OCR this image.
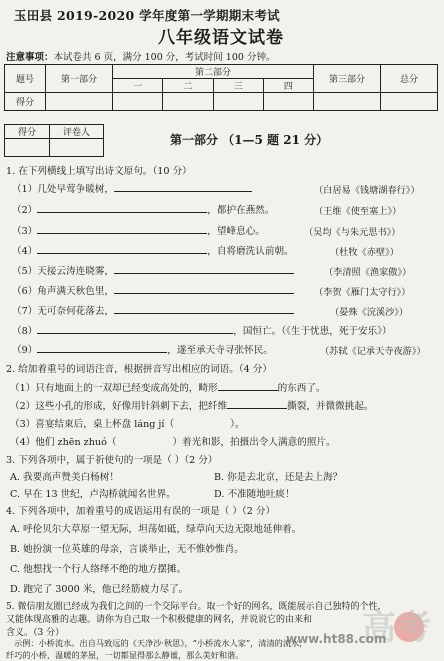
玉田县 2019-2020 学年度第一学期期末考试
八年级语文试卷
注意事项：本试卷共 6 页，满分 100 分，考试时间 100 分钟。
题号	第一部分	第二部分				第三部分	总分
		一	二	三	四		
得分							
得分	评卷人
		第一部分 （1—5 题 21 分）
1. 在下列横线上填写出诗文原句。（10 分）
（1）几处早莺争暖树，	（白居易《钱塘湖春行》）
（2）	，都护在燕然。	（王维《使至塞上》）
（3）	，望峰息心。	（吴均《与朱元思书》）
（4）	，自将磨洗认前朝。	（杜牧《赤壁》）
（5）天接云涛连晓雾，	（李清照《渔家傲》）
（6）角声满天秋色里，	（李贺《雁门太守行》）
（7）无可奈何花落去，	（晏殊《浣溪沙》）
（8）	，国恒亡。（《生于忧患，死于安乐》）
（9）	，遂至承天寺寻张怀民。	（苏轼《记承天寺夜游》）
2. 给加着重号的词语注音，根据拼音写出相应的词语。（4 分）
（1）只有地面上的一双却已经变成高处的，畸形	的东西了。
（2）这些小孔的形成，好像用针斜刺下去，把纤维	撕裂，并微微挑起。
（3）喜宴结束后，桌上杯盘 láng jí（	）。
（4）他们 zhēn zhuó（	）着光和影，拍摄出令人满意的照片。
3. 下列各项中，属于祈使句的一项是（ ）（2 分）
A. 我要高声赞美白杨树！	B. 你是去北京，还是去上海？
C. 早在 13 世纪，卢沟桥就闻名世界。	D. 不准随地吐痰！
4. 下列各项中，加着重号的成语运用有误的一项是（ ）（2 分）
A. 呼伦贝尔大草原一望无际，坦荡如砥，绿草向天边无限地延伸着。
B. 她扮演一位英雄的母亲，言谈举止，无不惟妙惟肖。
C. 他想找一个行人络绎不绝的地方摆摊。
D. 跑完了 3000 米，他已经筋疲力尽了。
5. 微信朋友圈已经成为我们之间的一个交际平台。取一个好的网名，既能展示自己独特的个性，
又能体现高雅的志趣。请你为自己取一个积极健康的网名，并说说它的由来和
含义。（3 分）
示例：小桥流水。出自马致远的《天净沙·秋思》，“小桥流水人家”，清清的流水，
纤巧的小桥，温暖的茅屋，一切都显得那么静谧，那么美好和谐。
高考
www.ht88.com
